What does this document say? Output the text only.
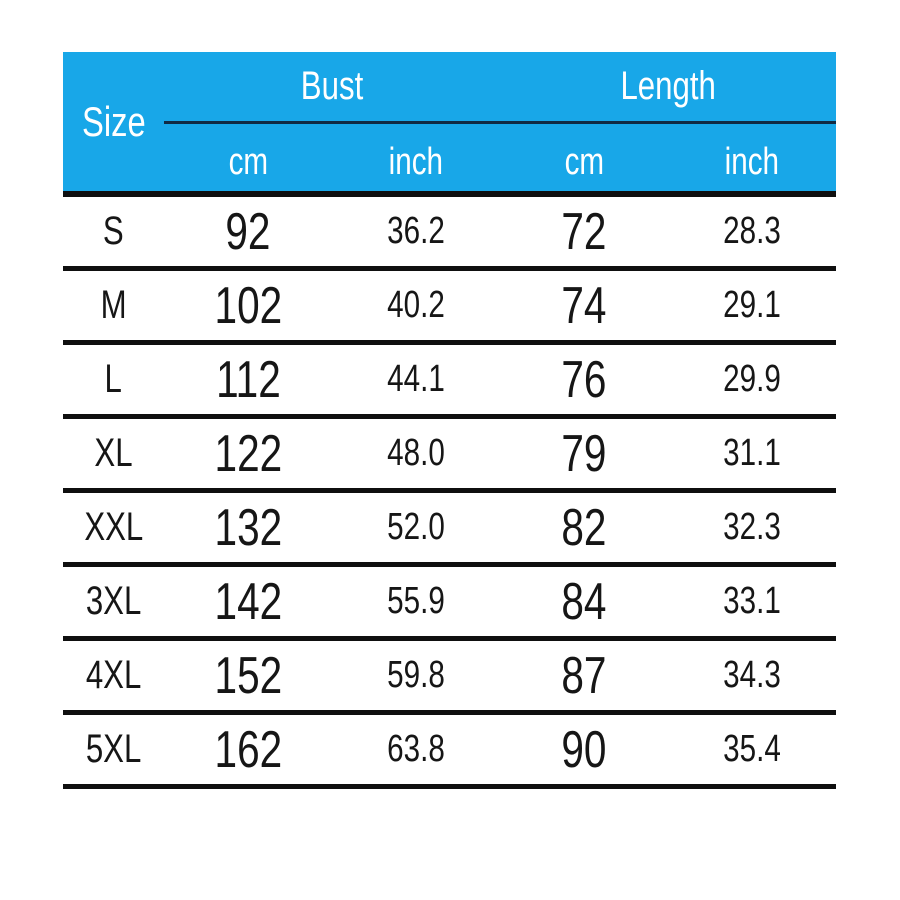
Size
Bust	Length
cm	inch	cm	inch
S	92	36.2	72	28.3
M	102	40.2	74	29.1
L	112	44.1	76	29.9
XL	122	48.0	79	31.1
XXL	132	52.0	82	32.3
3XL	142	55.9	84	33.1
4XL	152	59.8	87	34.3
5XL	162	63.8	90	35.4
